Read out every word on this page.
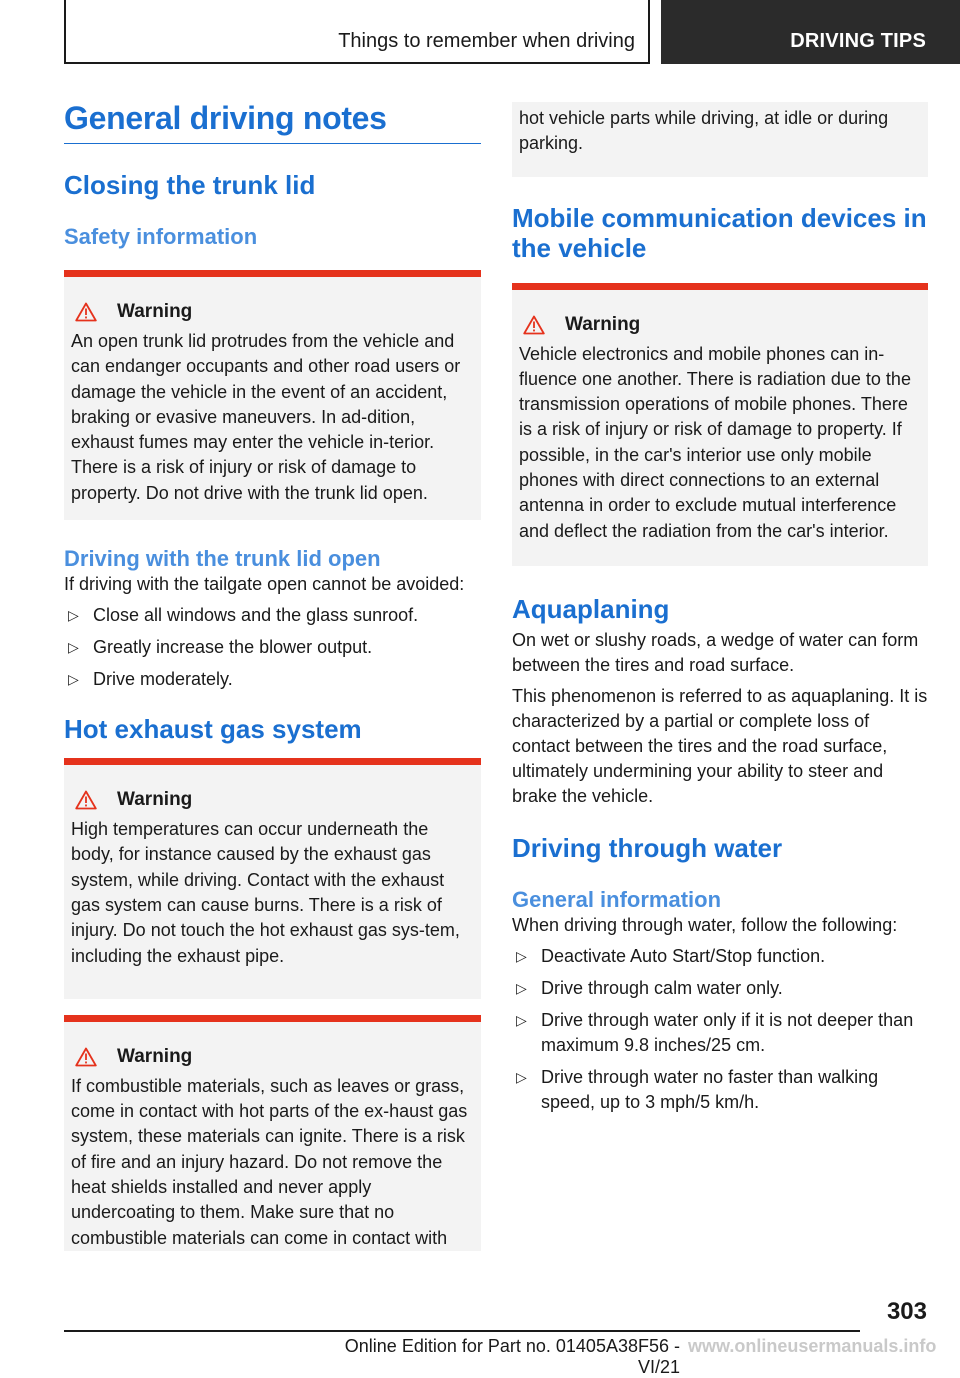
Things to remember when driving	DRIVING TIPS
General driving notes
Closing the trunk lid
Safety information
Warning

An open trunk lid protrudes from the vehicle and can endanger occupants and other road users or damage the vehicle in the event of an accident, braking or evasive maneuvers. In ad-dition, exhaust fumes may enter the vehicle in-terior. There is a risk of injury or risk of damage to property. Do not drive with the trunk lid open.

Driving with the trunk lid open

If driving with the tailgate open cannot be avoided:

▷ Close all windows and the glass sunroof.
▷ Greatly increase the blower output.
▷ Drive moderately.
Hot exhaust gas system
Warning

High temperatures can occur underneath the body, for instance caused by the exhaust gas system, while driving. Contact with the exhaust gas system can cause burns. There is a risk of injury. Do not touch the hot exhaust gas sys-tem, including the exhaust pipe.

Warning

If combustible materials, such as leaves or grass, come in contact with hot parts of the ex-haust gas system, these materials can ignite. There is a risk of fire and an injury hazard. Do not remove the heat shields installed and never apply undercoating to them. Make sure that no combustible materials can come in contact with

hot vehicle parts while driving, at idle or during parking.

Mobile communication devices in the vehicle
Warning

Vehicle electronics and mobile phones can in-fluence one another. There is radiation due to the transmission operations of mobile phones. There is a risk of injury or risk of damage to property. If possible, in the car's interior use only mobile phones with direct connections to an external antenna in order to exclude mutual interference and deflect the radiation from the car's interior.

Aquaplaning

On wet or slushy roads, a wedge of water can form between the tires and road surface.

This phenomenon is referred to as aquaplaning. It is characterized by a partial or complete loss of contact between the tires and the road surface, ultimately undermining your ability to steer and brake the vehicle.

Driving through water
General information

When driving through water, follow the following:

▷ Deactivate Auto Start/Stop function.
▷ Drive through calm water only.
▷ Drive through water only if it is not deeper than maximum 9.8 inches/25 cm.
▷ Drive through water no faster than walking speed, up to 3 mph/5 km/h.
303
Online Edition for Part no. 01405A38F56 - VI/21
www.onlineusermanuals.info
